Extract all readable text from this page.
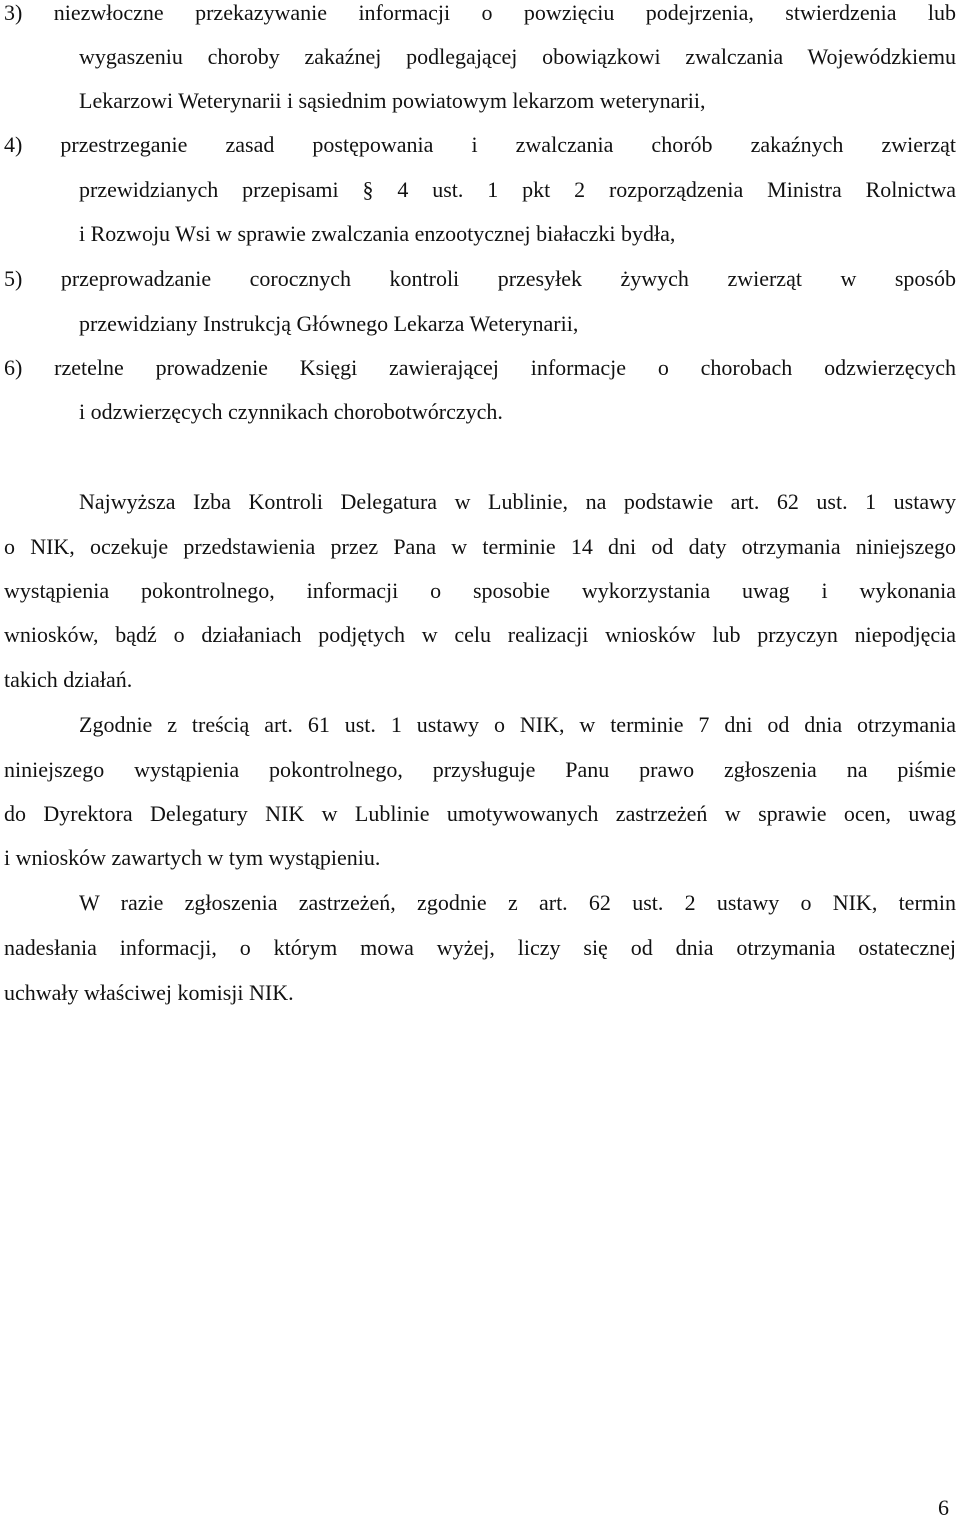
3) niezwłoczne przekazywanie informacji o powzięciu podejrzenia, stwierdzenia lub
wygaszeniu choroby zakaźnej podlegającej obowiązkowi zwalczania Wojewódzkiemu
Lekarzowi Weterynarii i sąsiednim powiatowym lekarzom weterynarii,
4) przestrzeganie zasad postępowania i zwalczania chorób zakaźnych zwierząt
przewidzianych przepisami § 4 ust. 1 pkt 2 rozporządzenia Ministra Rolnictwa
i Rozwoju Wsi w sprawie zwalczania enzootycznej białaczki bydła,
5) przeprowadzanie corocznych kontroli przesyłek żywych zwierząt w sposób
przewidziany Instrukcją Głównego Lekarza Weterynarii,
6) rzetelne prowadzenie Księgi zawierającej informacje o chorobach odzwierzęcych
i odzwierzęcych czynnikach chorobotwórczych.
Najwyższa Izba Kontroli Delegatura w Lublinie, na podstawie art. 62 ust. 1 ustawy
o NIK, oczekuje przedstawienia przez Pana w terminie 14 dni od daty otrzymania niniejszego
wystąpienia pokontrolnego, informacji o sposobie wykorzystania uwag i wykonania
wniosków, bądź o działaniach podjętych w celu realizacji wniosków lub przyczyn niepodjęcia
takich działań.
Zgodnie z treścią art. 61 ust. 1 ustawy o NIK, w terminie 7 dni od dnia otrzymania
niniejszego wystąpienia pokontrolnego, przysługuje Panu prawo zgłoszenia na piśmie
do Dyrektora Delegatury NIK w Lublinie umotywowanych zastrzeżeń w sprawie ocen, uwag
i wniosków zawartych w tym wystąpieniu.
W razie zgłoszenia zastrzeżeń, zgodnie z art. 62 ust. 2 ustawy o NIK, termin
nadesłania informacji, o którym mowa wyżej, liczy się od dnia otrzymania ostatecznej
uchwały właściwej komisji NIK.
6
